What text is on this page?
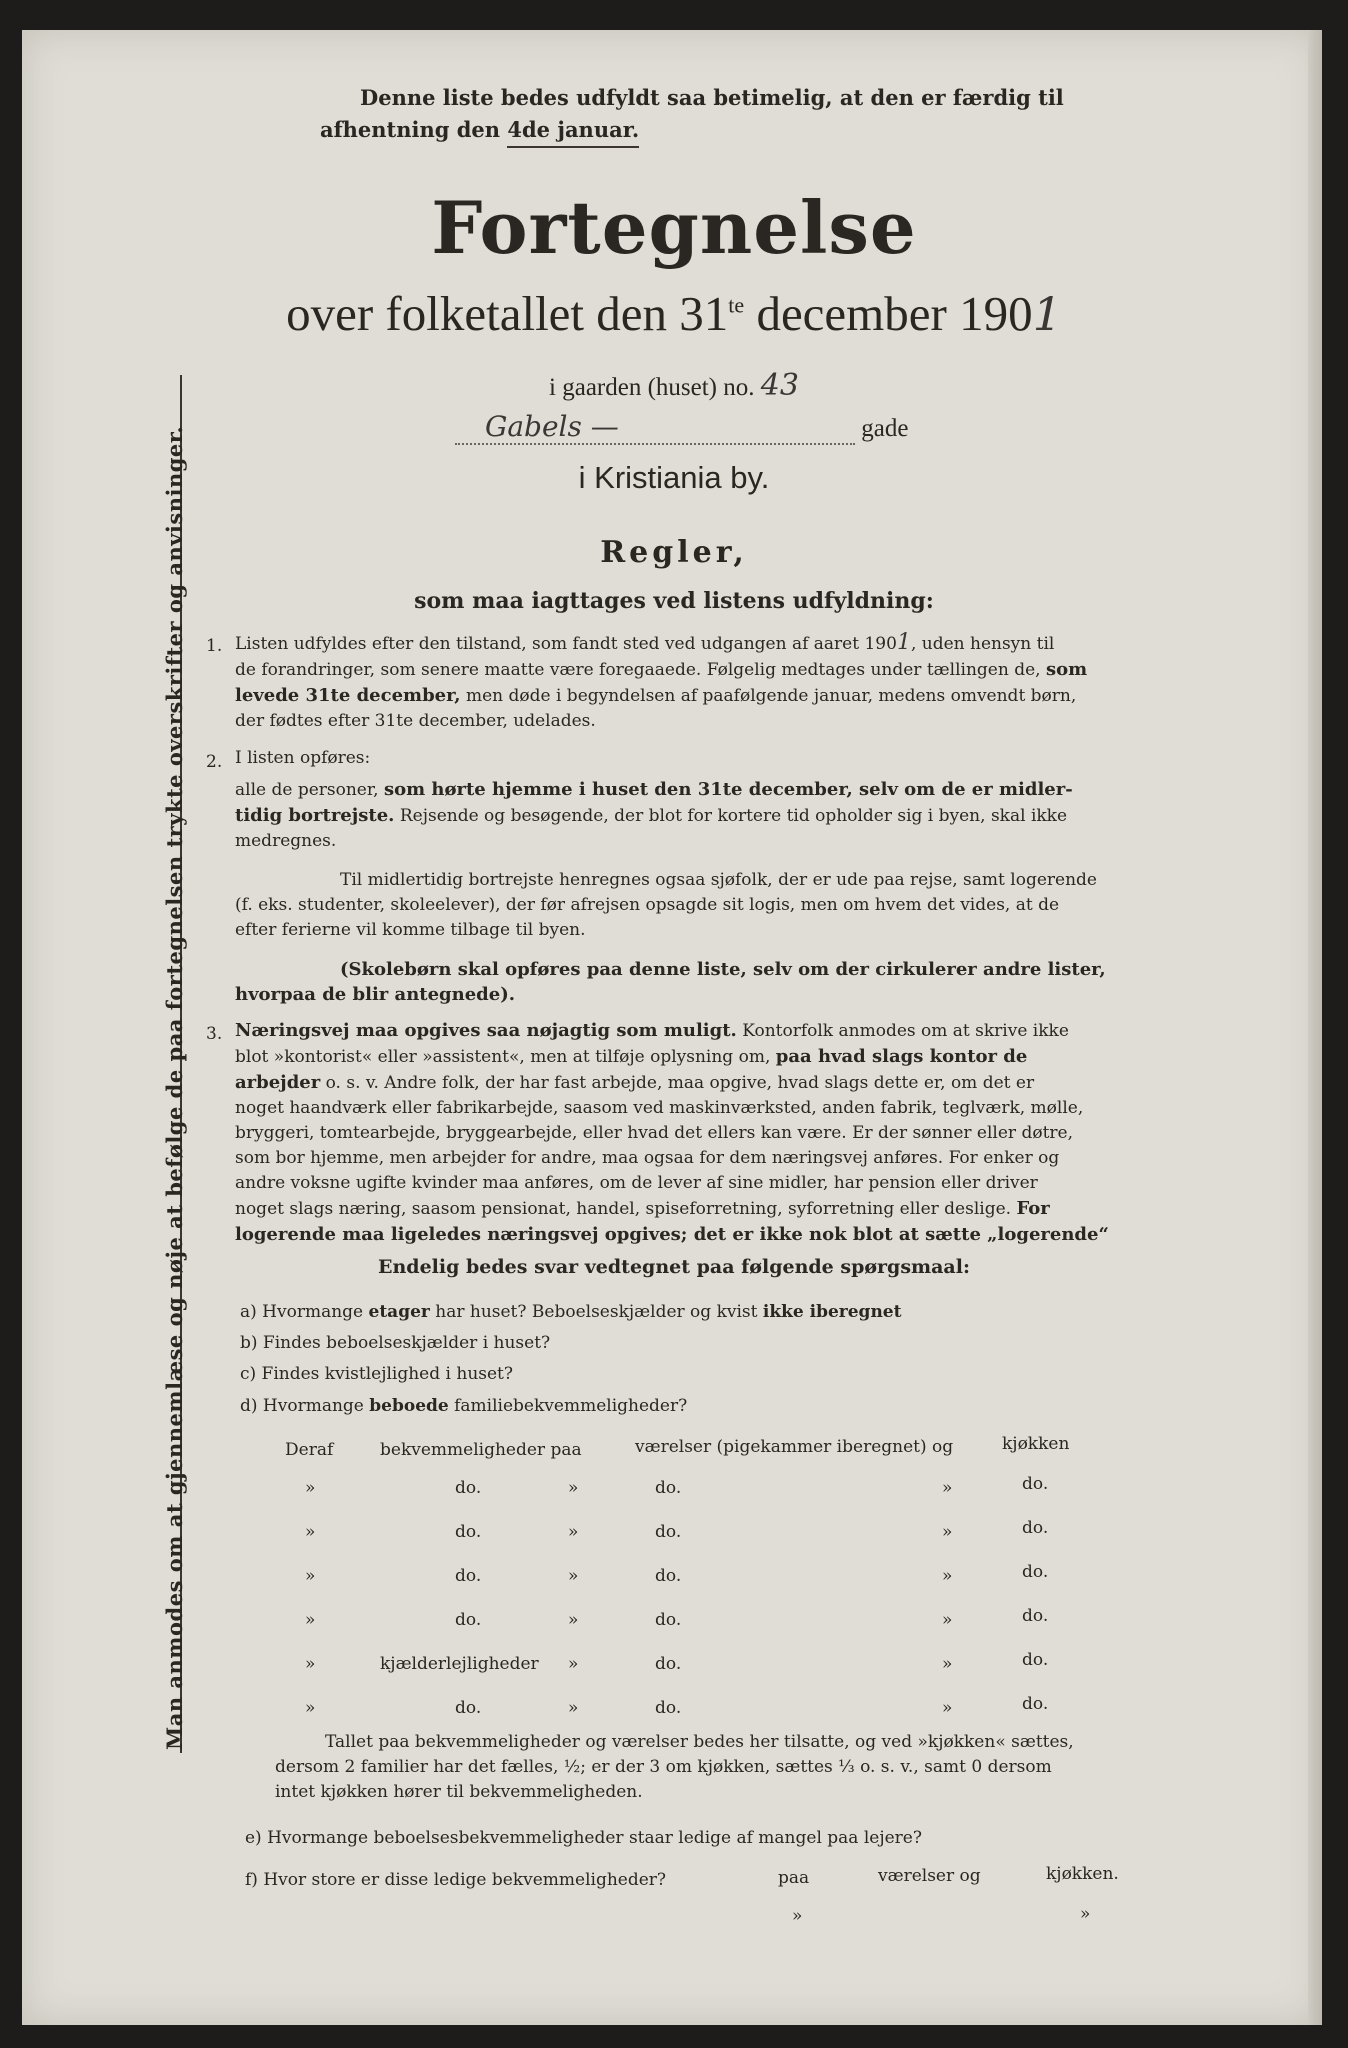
Man anmodes om at gjennemlæse og nøje at befølge de paa fortegnelsen trykte overskrifter og anvisninger.
Denne liste bedes udfyldt saa betimelig, at den er færdig til
afhentning den 4de januar.
Fortegnelse
over folketallet den $31^{te}$ december 1901
i gaarden (huset) no. 43
Gabels —	gade
i Kristiania by.
Regler,
som maa iagttages ved listens udfyldning:
1. Listen udfyldes efter den tilstand, som fandt sted ved udgangen af aaret 1901, uden hensyn til
de forandringer, som senere maatte være foregaaede. Følgelig medtages under tællingen de, som
levede 31te december, men døde i begyndelsen af paafølgende januar, medens omvendt børn,
der fødtes efter 31te december, udelades.
2. I listen opføres:
alle de personer, som hørte hjemme i huset den 31te december, selv om de er midler-
tidig bortrejste. Rejsende og besøgende, der blot for kortere tid opholder sig i byen, skal ikke
medregnes.
Til midlertidig bortrejste henregnes ogsaa sjøfolk, der er ude paa rejse, samt logerende
(f. eks. studenter, skoleelever), der før afrejsen opsagde sit logis, men om hvem det vides, at de
efter ferierne vil komme tilbage til byen.
(Skolebørn skal opføres paa denne liste, selv om der cirkulerer andre lister,
hvorpaa de blir antegnede).
3. Næringsvej maa opgives saa nøjagtig som muligt. Kontorfolk anmodes om at skrive ikke
blot »kontorist« eller »assistent«, men at tilføje oplysning om, paa hvad slags kontor de
arbejder o. s. v. Andre folk, der har fast arbejde, maa opgive, hvad slags dette er, om det er
noget haandværk eller fabrikarbejde, saasom ved maskinværksted, anden fabrik, teglværk, mølle,
bryggeri, tomtearbejde, bryggearbejde, eller hvad det ellers kan være. Er der sønner eller døtre,
som bor hjemme, men arbejder for andre, maa ogsaa for dem næringsvej anføres. For enker og
andre voksne ugifte kvinder maa anføres, om de lever af sine midler, har pension eller driver
noget slags næring, saasom pensionat, handel, spiseforretning, syforretning eller deslige. For
logerende maa ligeledes næringsvej opgives; det er ikke nok blot at sætte „logerende“
Endelig bedes svar vedtegnet paa følgende spørgsmaal:
a) Hvormange etager har huset? Beboelseskjælder og kvist ikke iberegnet
b) Findes beboelseskjælder i huset?
c) Findes kvistlejlighed i huset?
d) Hvormange beboede familiebekvemmeligheder?
Deraf	bekvemmeligheder paa	værelser (pigekammer iberegnet) og	kjøkken
»	do.	»	do.	»	do.
»	do.	»	do.	»	do.
»	do.	»	do.	»	do.
»	do.	»	do.	»	do.
»	kjælderlejligheder »	do.	»	do.
»	do.	»	do.	»	do.
Tallet paa bekvemmeligheder og værelser bedes her tilsatte, og ved »kjøkken« sættes,
dersom 2 familier har det fælles, ½; er der 3 om kjøkken, sættes ⅓ o. s. v., samt 0 dersom
intet kjøkken hører til bekvemmeligheden.
e) Hvormange beboelsesbekvemmeligheder staar ledige af mangel paa lejere?
f) Hvor store er disse ledige bekvemmeligheder?	paa	værelser og	kjøkken.
»	»
